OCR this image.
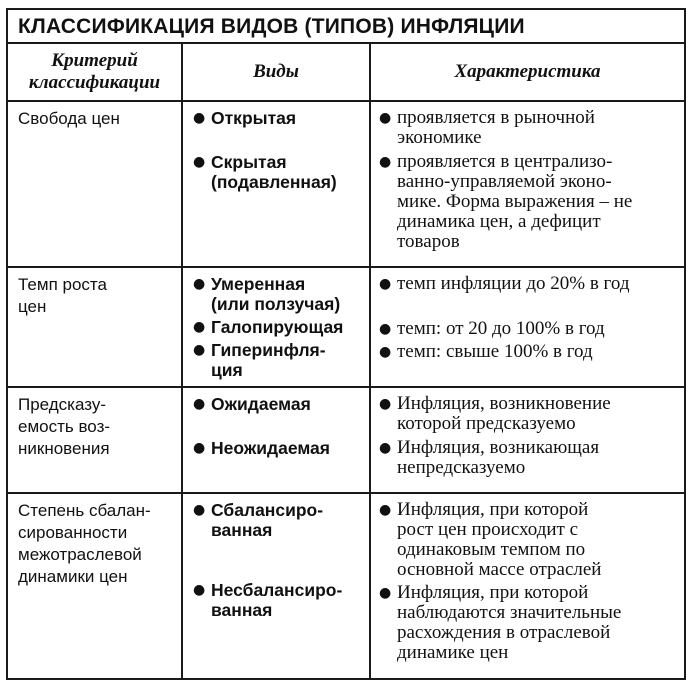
КЛАССИФИКАЦИЯ ВИДОВ (ТИПОВ) ИНФЛЯЦИИ
Критерий
классификации
Виды	Характеристика
Свобода цен	● Открытая
● Скрытая
(подавленная)
● проявляется в рыночной
экономике
● проявляется в централизо-
ванно-управляемой эконо-
мике. Форма выражения – не
динамика цен, а дефицит
товаров
Темп роста
цен
● Умеренная
(или ползучая)
● Галопирующая
● Гиперинфля-
ция
● темп инфляции до 20% в год
● темп: от 20 до 100% в год
● темп: свыше 100% в год
Предсказу-
емость воз-
никновения
● Ожидаемая
● Неожидаемая
● Инфляция, возникновение
которой предсказуемо
● Инфляция, возникающая
непредсказуемо
Степень сбалан-
сированности
межотраслевой
динамики цен
● Сбалансиро-
ванная
● Несбалансиро-
ванная
● Инфляция, при которой
рост цен происходит с
одинаковым темпом по
основной массе отраслей
● Инфляция, при которой
наблюдаются значительные
расхождения в отраслевой
динамике цен
